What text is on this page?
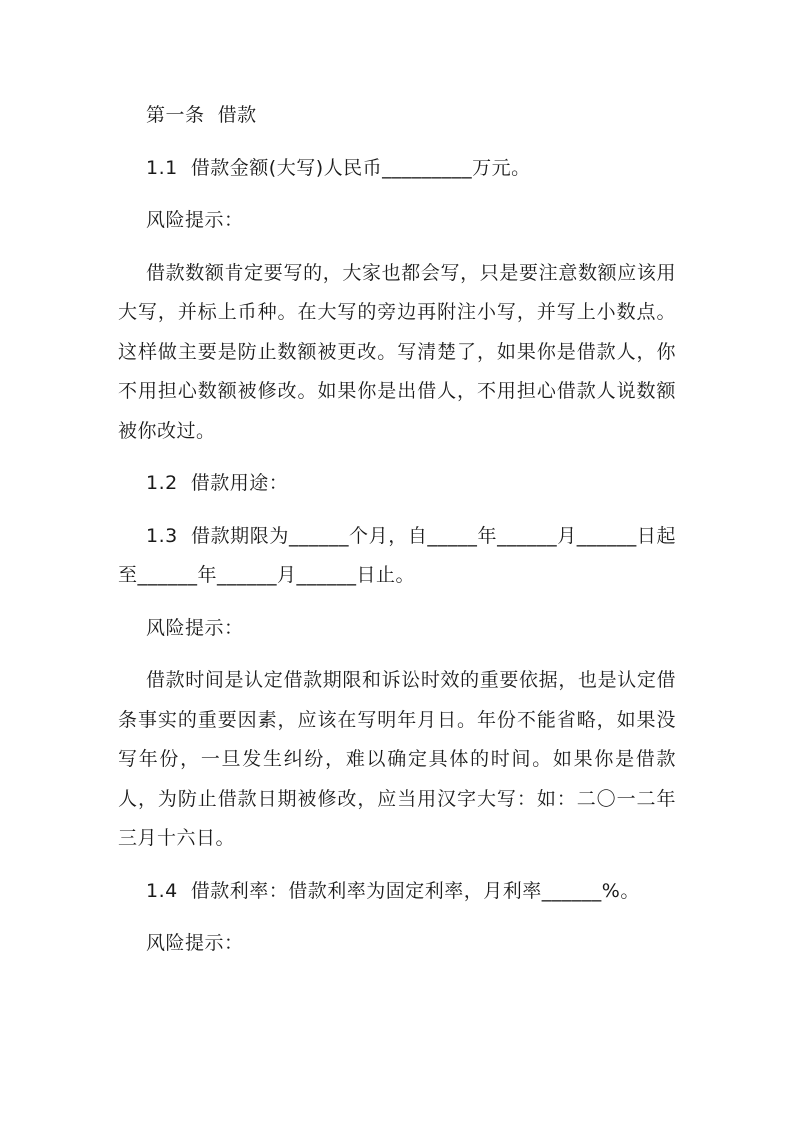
第一条  借款

1.1  借款金额(大写)人民币_________万元。

风险提示：

借款数额肯定要写的，大家也都会写，只是要注意数额应该用大写，并标上币种。在大写的旁边再附注小写，并写上小数点。这样做主要是防止数额被更改。写清楚了，如果你是借款人，你不用担心数额被修改。如果你是出借人，不用担心借款人说数额被你改过。

1.2  借款用途：

1.3  借款期限为______个月，自_____年______月______日起至______年______月______日止。

风险提示：

借款时间是认定借款期限和诉讼时效的重要依据，也是认定借条事实的重要因素，应该在写明年月日。年份不能省略，如果没写年份，一旦发生纠纷，难以确定具体的时间。如果你是借款人，为防止借款日期被修改，应当用汉字大写：如：二〇一二年三月十六日。

1.4  借款利率：借款利率为固定利率，月利率______%。

风险提示：
